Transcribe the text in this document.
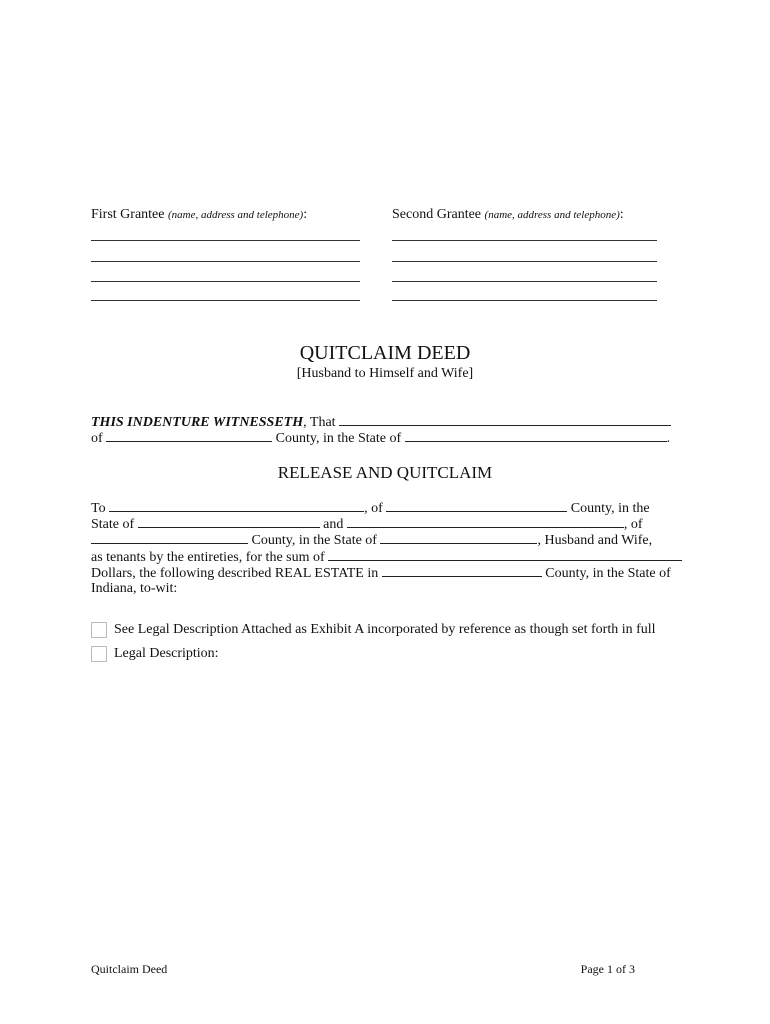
First Grantee (name, address and telephone):	Second Grantee (name, address and telephone):
QUITCLAIM DEED
[Husband to Himself and Wife]
THIS INDENTURE WITNESSETH, That
of	County, in the State of	.
RELEASE AND QUITCLAIM
To	, of	County, in the
State of	and	, of
County, in the State of	, Husband and Wife,
as tenants by the entireties, for the sum of
Dollars, the following described REAL ESTATE in	County, in the State of
Indiana, to-wit:
See Legal Description Attached as Exhibit A incorporated by reference as though set forth in full
Legal Description:
Quitclaim Deed	Page 1 of 3
